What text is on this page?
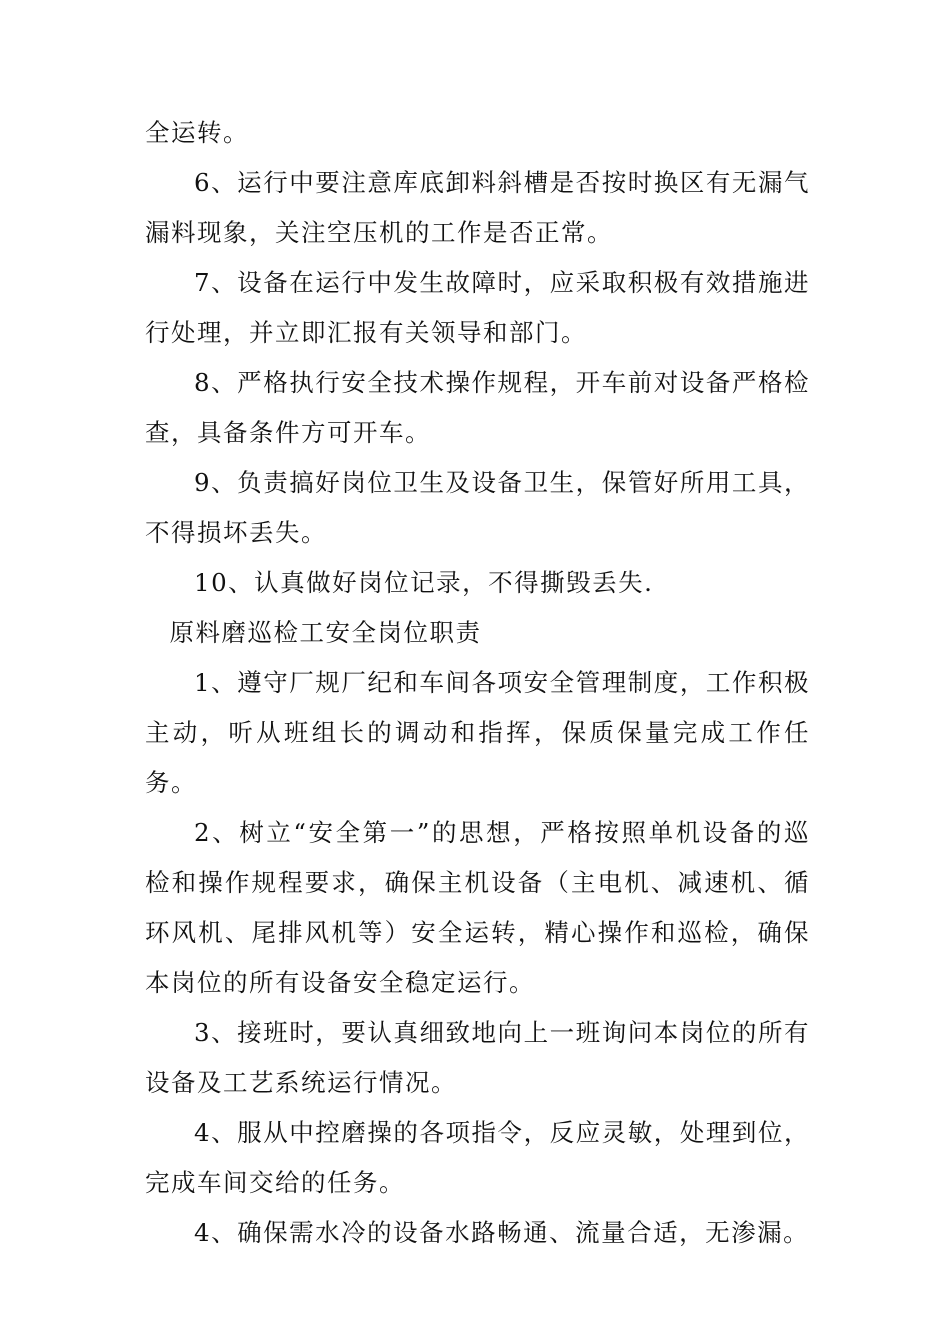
全运转。

6、运行中要注意库底卸料斜槽是否按时换区有无漏气漏料现象，关注空压机的工作是否正常。

7、设备在运行中发生故障时，应采取积极有效措施进行处理，并立即汇报有关领导和部门。

8、严格执行安全技术操作规程，开车前对设备严格检查，具备条件方可开车。

9、负责搞好岗位卫生及设备卫生，保管好所用工具，不得损坏丢失。

10、认真做好岗位记录，不得撕毁丢失.

原料磨巡检工安全岗位职责

1、遵守厂规厂纪和车间各项安全管理制度，工作积极主动，听从班组长的调动和指挥，保质保量完成工作任务。

2、树立“安全第一”的思想，严格按照单机设备的巡检和操作规程要求，确保主机设备（主电机、减速机、循环风机、尾排风机等）安全运转，精心操作和巡检，确保本岗位的所有设备安全稳定运行。

3、接班时，要认真细致地向上一班询问本岗位的所有设备及工艺系统运行情况。

4、服从中控磨操的各项指令，反应灵敏，处理到位，完成车间交给的任务。

4、确保需水冷的设备水路畅通、流量合适，无渗漏。
